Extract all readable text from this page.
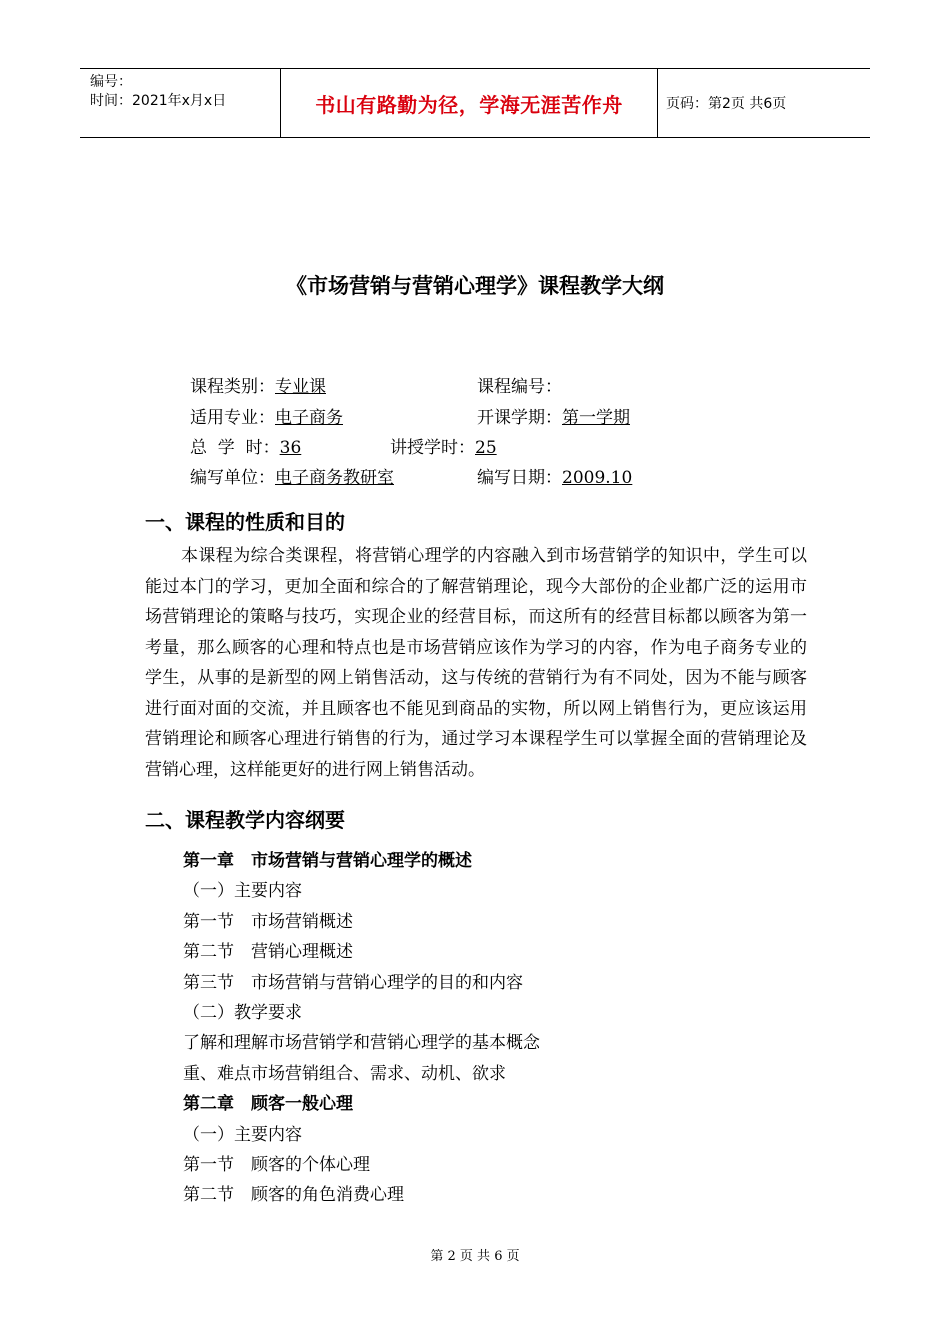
编号：
时间：2021年x月x日	书山有路勤为径，学海无涯苦作舟	页码：第2页 共6页
《市场营销与营销心理学》课程教学大纲
课程类别：专业课	课程编号：
适用专业：电子商务	开课学期：第一学期
总  学  时：36	讲授学时：25
编写单位：电子商务教研室	编写日期：2009.10
一、课程的性质和目的

本课程为综合类课程，将营销心理学的内容融入到市场营销学的知识中，学生可以能过本门的学习，更加全面和综合的了解营销理论，现今大部份的企业都广泛的运用市场营销理论的策略与技巧，实现企业的经营目标，而这所有的经营目标都以顾客为第一考量，那么顾客的心理和特点也是市场营销应该作为学习的内容，作为电子商务专业的学生，从事的是新型的网上销售活动，这与传统的营销行为有不同处，因为不能与顾客进行面对面的交流，并且顾客也不能见到商品的实物，所以网上销售行为，更应该运用营销理论和顾客心理进行销售的行为，通过学习本课程学生可以掌握全面的营销理论及营销心理，这样能更好的进行网上销售活动。

二、课程教学内容纲要
第一章　市场营销与营销心理学的概述
（一）主要内容
第一节　市场营销概述
第二节　营销心理概述
第三节　市场营销与营销心理学的目的和内容
（二）教学要求
了解和理解市场营销学和营销心理学的基本概念
重、难点市场营销组合、需求、动机、欲求
第二章　顾客一般心理
（一）主要内容
第一节　顾客的个体心理
第二节　顾客的角色消费心理
第 2 页 共 6 页
